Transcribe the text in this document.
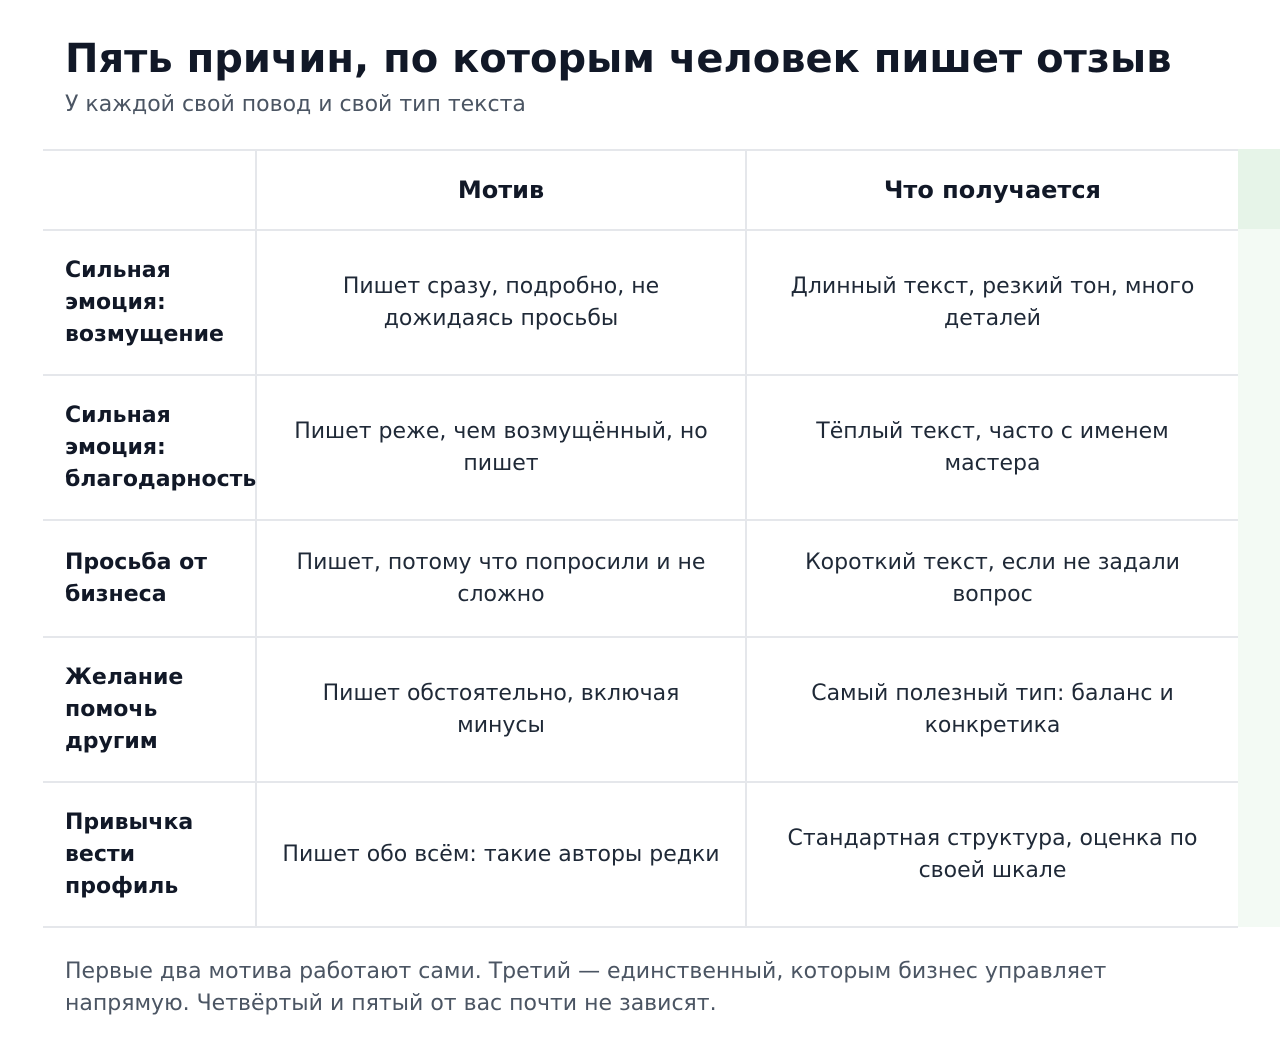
Пять причин, по которым человек пишет отзыв

У каждой свой повод и свой тип текста

	Мотив	Что получается
Сильная эмоция: возмущение	Пишет сразу, подробно, не дожидаясь просьбы	Длинный текст, резкий тон, много деталей
Сильная эмоция: благодарность	Пишет реже, чем возмущённый, но пишет	Тёплый текст, часто с именем мастера
Просьба от бизнеса	Пишет, потому что попросили и не сложно	Короткий текст, если не задали вопрос
Желание помочь другим	Пишет обстоятельно, включая минусы	Самый полезный тип: баланс и конкретика
Привычка вести профиль	Пишет обо всём: такие авторы редки	Стандартная структура, оценка по своей шкале

Первые два мотива работают сами. Третий — единственный, которым бизнес управляет напрямую. Четвёртый и пятый от вас почти не зависят.
